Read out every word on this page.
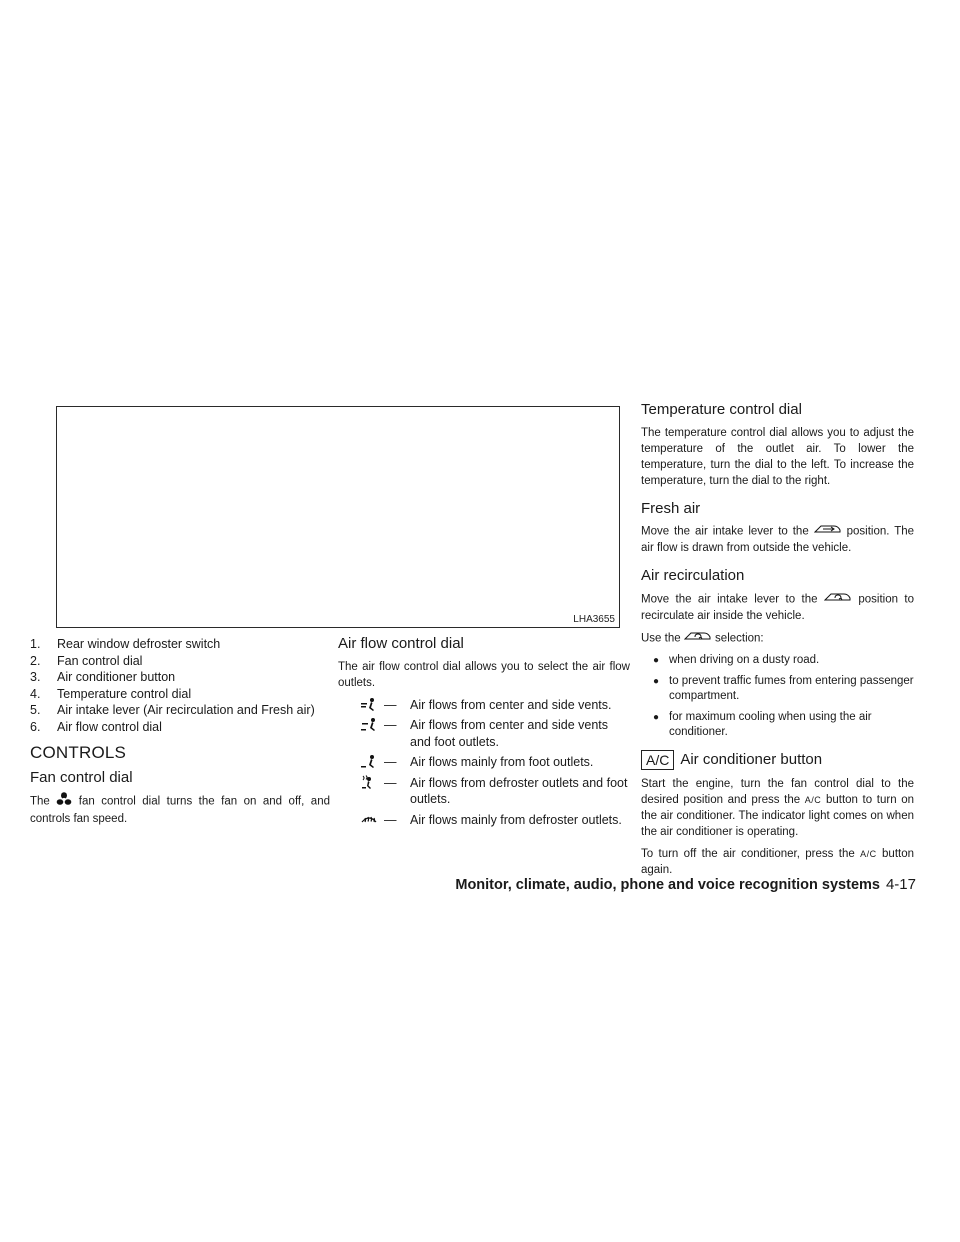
LHA3655
1. Rear window defroster switch
2. Fan control dial
3. Air conditioner button
4. Temperature control dial
5. Air intake lever (Air recirculation and Fresh air)
6. Air flow control dial
CONTROLS
Fan control dial

The	fan control dial turns the fan on and off, and controls fan speed.

Air flow control dial

The air flow control dial allows you to select the air flow outlets.

— Air flows from center and side vents.
— Air flows from center and side vents and foot outlets.
— Air flows mainly from foot outlets.
— Air flows from defroster outlets and foot outlets.
— Air flows mainly from defroster outlets.
Temperature control dial

The temperature control dial allows you to adjust the temperature of the outlet air. To lower the temperature, turn the dial to the left. To increase the temperature, turn the dial to the right.

Fresh air

Move the air intake lever to the	position. The air flow is drawn from outside the vehicle.

Air recirculation

Move the air intake lever to the	position to recirculate air inside the vehicle.

Use the	selection:

● when driving on a dusty road.
● to prevent traffic fumes from entering passenger compartment.
● for maximum cooling when using the air conditioner.
A/C Air conditioner button

Start the engine, turn the fan control dial to the desired position and press the A/C button to turn on the air conditioner. The indicator light comes on when the air conditioner is operating.

To turn off the air conditioner, press the A/C button again.

Monitor, climate, audio, phone and voice recognition systems 4-17
